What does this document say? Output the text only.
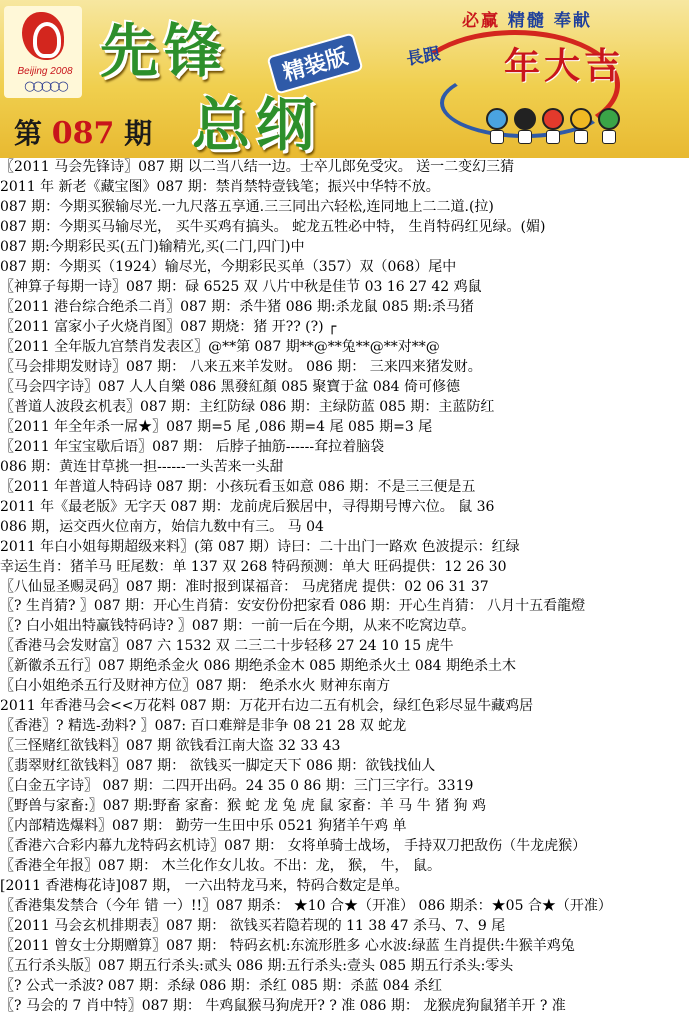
Beijing 2008
○○○○○
先锋	精装版
总纲
必赢 精髓 奉献
長跟 年大吉
第 087 期
〖2011 马会先锋诗〗087 期 以二当八结一边。士卒儿郎免受灾。 送一二变幻三猜
2011 年 新老《藏宝图》087 期：禁肖禁特壹钱笔；振兴中华特不放。
087 期：今期买猴输尽光.一九尺落五享通.三三同出六轻松,连同地上二二道.(拉)
087 期：今期买马输尽光， 买牛买鸡有搞头。 蛇龙五牲必中特， 生肖特码红见绿。(媚)
087 期:今期彩民买(五门)输精光,买(二门,四门)中
087 期：今期买（1924）输尽光，今期彩民买单（357）双（068）尾中
〖神算子每期一诗〗087 期：碌 6525 双 八片中秋是佳节 03 16 27 42 鸡鼠
〖2011 港台综合绝杀二肖〗087 期：杀牛猪 086 期:杀龙鼠 085 期:杀马猪
〖2011 富家小子火烧肖图〗087 期烧：猪 开?? (?) ┌
〖2011 全年版九宫禁肖发表区〗@**第 087 期**@**兔**@**对**@
〖马会排期发财诗〗087 期： 八来五来羊发财。 086 期： 三来四来猪发财。
〖马会四字诗〗087 人人自樂 086 黑發紅顏 085 聚寶于盆 084 倚可修德
〖普道人波段玄机表〗087 期：主红防绿 086 期：主绿防蓝 085 期：主蓝防红
〖2011 年全年杀一屌★〗087 期=5 尾 ,086 期=4 尾 085 期=3 尾
〖2011 年宝宝歇后语〗087 期： 后脖子抽筋------耷拉着脑袋
086 期：黄连甘草挑一担------一头苦来一头甜
〖2011 年普道人特码诗 087 期：小孩玩看玉如意 086 期：不是三三便是五
2011 年《最老版》无字天 087 期：龙前虎后猴居中，寻得期号博六位。 鼠 36
086 期，运交西火位南方，始信九数中有三。 马 04
2011 年白小姐每期超级来料〗(第 087 期）诗曰：二十出门一路欢 色波提示：红绿
幸运生肖：猪羊马 旺尾数：单 137 双 268 特码预测：单大 旺码提供：12 26 30
〖八仙显圣赐灵码〗087 期：准时报到谋福音： 马虎猪虎 提供：02 06 31 37
〖? 生肖猜? 〗087 期：开心生肖猜：安安份份把家看 086 期：开心生肖猜： 八月十五看龍燈
〖? 白小姐出特赢钱特码诗? 〗087 期：一前一后在今期，从来不吃窝边草。
〖香港马会发财富〗087 六 1532 双 二三二十步轻移 27 24 10 15 虎牛
〖新徽杀五行〗087 期绝杀金火 086 期绝杀金木 085 期绝杀火土 084 期绝杀土木
〖白小姐绝杀五行及财神方位〗087 期： 绝杀水火 财神东南方
2011 年香港马会<<万花料 087 期：万花开右边二五有机会，绿红色彩尽显牛藏鸡居
〖香港〗? 精选-劲料? 〗087: 百口难辩是非争 08 21 28 双 蛇龙
〖三怪赌红欲钱料〗087 期 欲钱看江南大盗 32 33 43
〖翡翠财红欲钱料〗087 期： 欲钱买一脚定天下 086 期：欲钱找仙人
〖白金五字诗〗 087 期：二四开出码。24 35 0 86 期：三门三字行。3319
〖野兽与家畜:〗087 期:野畜 家畜：猴 蛇 龙 兔 虎 鼠 家畜：羊 马 牛 猪 狗 鸡
〖内部精选爆料〗087 期： 勤劳一生田中乐 0521 狗猪羊午鸡 单
〖香港六合彩内幕九龙特码玄机诗〗087 期： 女将单骑士战场， 手持双刀把敌伤（牛龙虎猴）
〖香港全年报〗087 期： 木兰化作女儿妆。不出：龙， 猴， 牛， 鼠。
[2011 香港梅花诗]087 期， 一六出特龙马来，特码合数定是单。
〖香港集发禁合（今年 错 一）!!〗087 期杀： ★10 合★（开准） 086 期杀：★05 合★（开准）
〖2011 马会玄机排期表〗087 期： 欲钱买若隐若现的 11 38 47 杀马、7、9 尾
〖2011 曾女士分期赠算〗087 期： 特码玄机:东流形胜多 心水波:绿蓝 生肖提供:牛猴羊鸡兔
〖五行杀头版〗087 期五行杀头:贰头 086 期:五行杀头:壹头 085 期五行杀头:零头
〖? 公式一杀波? 087 期：杀绿 086 期：杀红 085 期：杀蓝 084 杀红
〖? 马会的 7 肖中特〗087 期： 牛鸡鼠猴马狗虎开? ? 准 086 期： 龙猴虎狗鼠猪羊开 ? 准
